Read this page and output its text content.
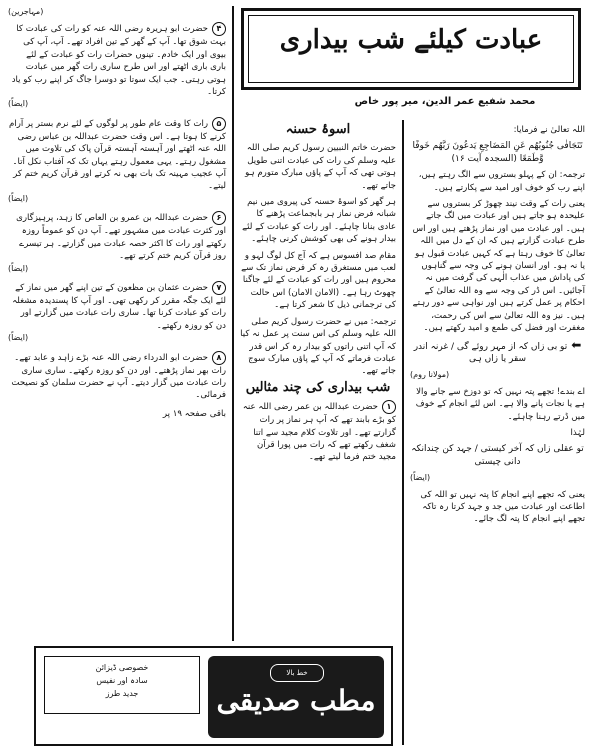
عبادت کیلئے شب بیداری
محمد شفیع عمر الدین، میر پور خاص

اللہ تعالیٰ نے فرمایا:

تَتَجَافٰی جُنُوبُهُم عَنِ المَضَاجِعِ یَدعُونَ رَبَّهُم خَوفًا وَّطَمَعًا (السجدہ آیت ۱۶)

ترجمہ: ان کے پہلو بستروں سے الگ رہتے ہیں، اپنے رب کو خوف اور امید سے پکارتے ہیں۔

یعنی رات کے وقت نیند چھوڑ کر بستروں سے علیحدہ ہو جاتے ہیں اور عبادت میں لگ جاتے ہیں۔ اور عبادت میں اور نماز پڑھتے ہیں اور اس طرح عبادت گزارتے ہیں کہ ان کے دل میں اللہ تعالیٰ کا خوف رہتا ہے کہ کہیں عبادت قبول ہو یا نہ ہو۔ اور انسان ہونے کی وجہ سے گناہوں کی پاداش میں عذاب الٰہی کی گرفت میں نہ آجائیں۔ اس ڈر کی وجہ سے وہ اللہ تعالیٰ کے احکام پر عمل کرتے ہیں اور نواہی سے دور رہتے ہیں۔ نیز وہ اللہ تعالیٰ سے اس کی رحمت، مغفرت اور فضل کی طمع و امید رکھتے ہیں۔

⬅تو بی زاں کہ از مہر روئے گی / غرنہ اندر سقر یا زاں ہی

(مولانا روم)

اے بندے! تجھے پتہ نہیں کہ تو دوزخ سے جانے والا ہے یا نجات پانے والا ہے۔ اس لئے انجام کے خوف میں ڈرتے رہنا چاہئے۔

لہٰذا

تو عقلی زاں کہ آخر کیستی / جہد کن چندانکہ دانی چیستی

(ایضاً)

یعنی کہ تجھے اپنے انجام کا پتہ نہیں تو اللہ کی اطاعت اور عبادت میں جد و جہد کرتا رہ تاکہ تجھے اپنے انجام کا پتہ لگ جائے۔

اسوۂ حسنہ

حضرت خاتم النبیین رسول کریم صلی اللہ علیہ وسلم کی رات کی عبادت اتنی طویل ہوتی تھی کہ آپ کے پاؤں مبارک متورم ہو جاتے تھے۔

ہر گھر کو اسوۂ حسنہ کی پیروی میں نیم شبانہ فرض نماز ہر بابجماعت پڑھنے کا عادی بنانا چاہئے۔ اور رات کو عبادت کے لئے بیدار ہونے کی بھی کوشش کرنی چاہئے۔

مقام صد افسوس ہے کہ آج کل لوگ لہو و لعب میں مستغرق رہ کر فرض نماز تک سے محروم ہیں اور رات کو عبادت کے لئے جاگنا چھوٹ رہا ہے۔ (الامان الامان) اس حالت کی ترجمانی ذیل کا شعر کرتا ہے۔

ترجمہ: میں نے حضرت رسول کریم صلی اللہ علیہ وسلم کی اس سنت پر عمل نہ کیا کہ آپ اتنی راتوں کو بیدار رہ کر اس قدر عبادت فرماتے کہ آپ کے پاؤں مبارک سوج جاتے تھے۔

شب بیداری کی چند مثالیں

۱حضرت عبداللہ بن عمر رضی اللہ عنہ کو بڑے بابند تھے کہ آپ ہر نماز پر رات گزارتے تھے۔ اور تلاوت کلام مجید سے اتنا شغف رکھتے تھے کہ رات میں پورا قرآن مجید ختم فرما لیتے تھے۔

(مہاجرین)

۴حضرت ابو ہریرہ رضی اللہ عنہ کو رات کی عبادت کا بہت شوق تھا۔ آپ کے گھر کے تین افراد تھے۔ آپ، آپ کی بیوی اور ایک خادم۔ تینوں حضرات رات کو عبادت کے لئے باری باری اٹھتے اور اس طرح ساری رات گھر میں عبادت ہوتی رہتی۔ جب ایک سوتا تو دوسرا جاگ کر اپنے رب کو یاد کرتا۔
(ایضاً)
۵رات کا وقت عام طور پر لوگوں کے لئے نرم بستر پر آرام کرنے کا ہوتا ہے۔ اس وقت حضرت عبداللہ بن عباس رضی اللہ عنہ اٹھتے اور آہستہ آہستہ قرآن پاک کی تلاوت میں مشغول رہتے۔ یہی معمول رہتے یہاں تک کہ آفتاب نکل آتا۔ آپ عجیب مہینہ تک بات بھی نہ کرتے اور قرآن کریم ختم کر لیتے۔
(ایضاً)
۶حضرت عبداللہ بن عمرو بن العاص کا زہد، پرہیزگاری اور کثرت عبادت میں مشہور تھے۔ آپ دن کو عموماً روزہ رکھتے اور رات کا اکثر حصہ عبادت میں گزارتے۔ ہر تیسرے روز قرآن کریم ختم کرتے تھے۔
(ایضاً)
۷حضرت عثمان بن مظعون کے تین اپنے گھر میں نماز کے لئے ایک جگہ مقرر کر رکھی تھی۔ اور آپ کا پسندیدہ مشغلہ رات کو عبادت کرنا تھا۔ ساری رات عبادت میں گزارتے اور دن کو روزہ رکھتے۔
(ایضاً)
۸حضرت ابو الدرداء رضی اللہ عنہ بڑے زاہد و عابد تھے۔ رات بھر نماز پڑھتے۔ اور دن کو روزہ رکھتے۔ ساری ساری رات عبادت میں گزار دیتے۔ آپ نے حضرت سلمان کو نصیحت فرمائی۔

باقی صفحہ ۱۹ پر

خصوصی ڈیزائن
سادہ اور نفیس
جدید طرز
خط بالا
مطب صدیقی
